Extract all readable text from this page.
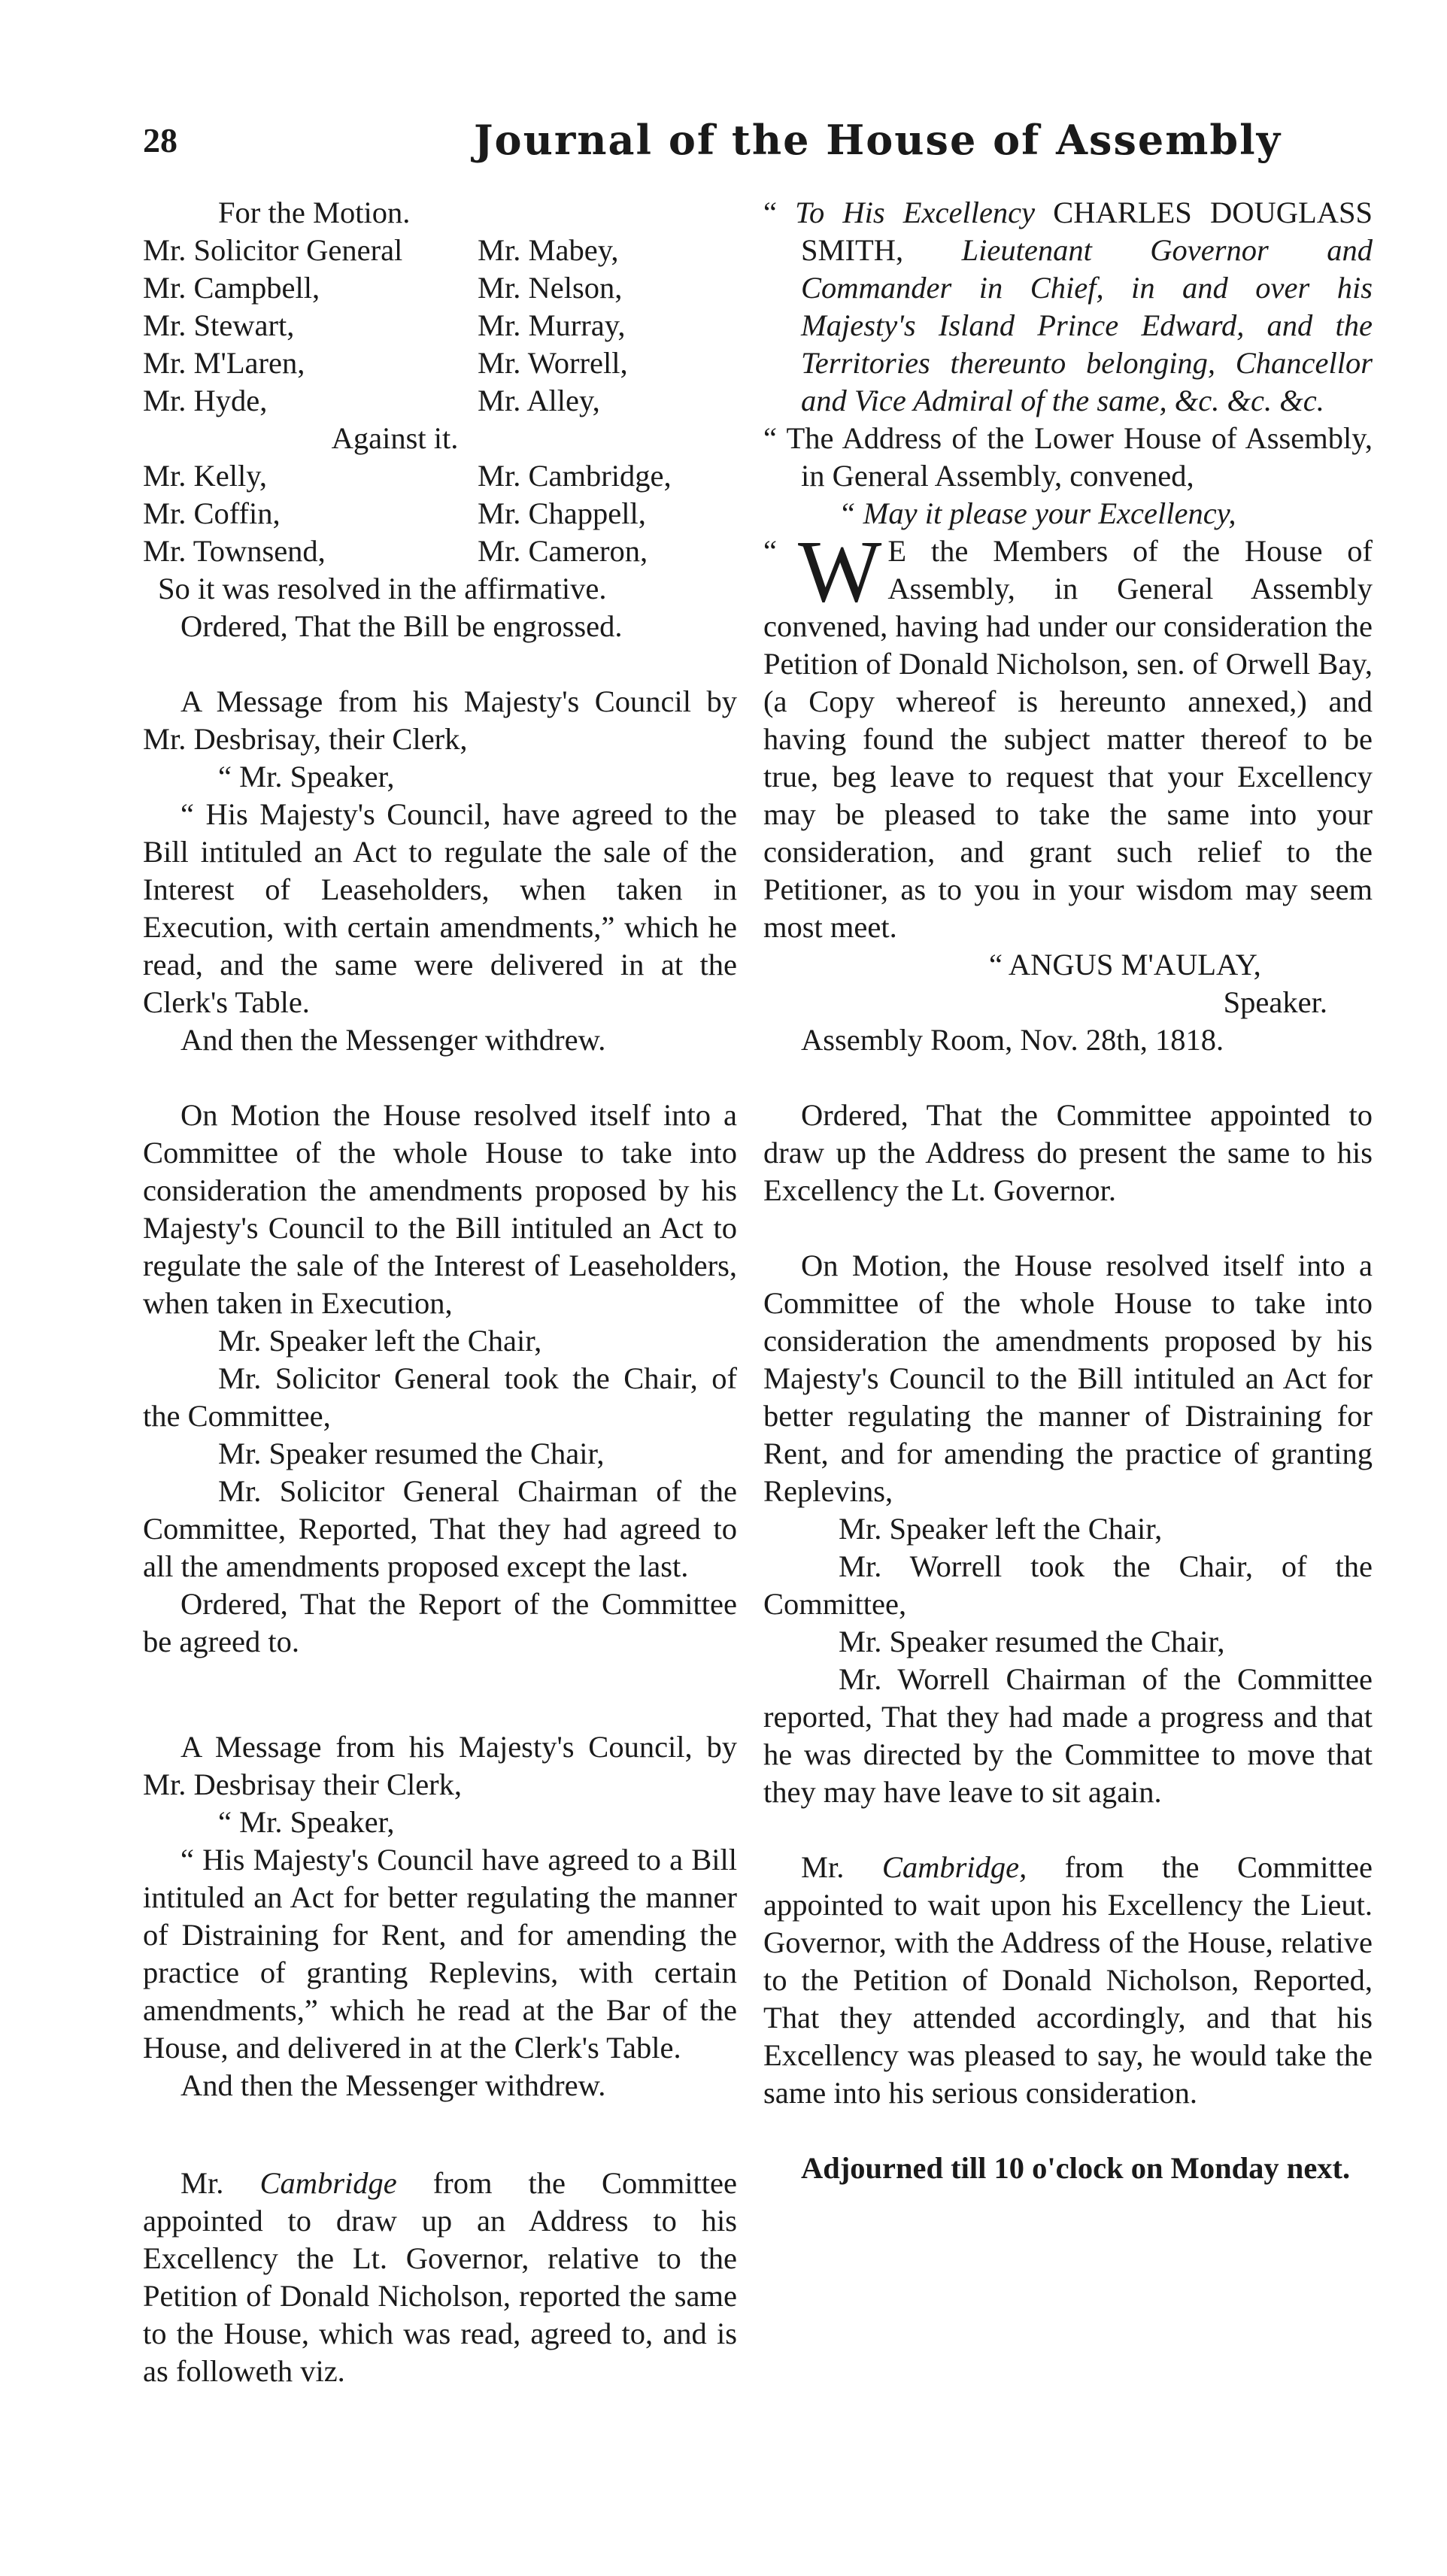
28	Journal of the House of Assembly

For the Motion.

Mr. Solicitor General	Mr. Mabey,
Mr. Campbell,	Mr. Nelson,
Mr. Stewart,	Mr. Murray,
Mr. M'Laren,	Mr. Worrell,
Mr. Hyde,	Mr. Alley,

Against it.

Mr. Kelly,	Mr. Cambridge,
Mr. Coffin,	Mr. Chappell,
Mr. Townsend,	Mr. Cameron,

So it was resolved in the affirmative.

Ordered, That the Bill be engrossed.

A Message from his Majesty's Council by Mr. Desbrisay, their Clerk,

“ Mr. Speaker,

“ His Majesty's Council, have agreed to the Bill intituled an Act to regulate the sale of the Interest of Leaseholders, when taken in Execution, with certain amendments,” which he read, and the same were delivered in at the Clerk's Table.

And then the Messenger withdrew.

On Motion the House resolved itself into a Committee of the whole House to take into consideration the amendments proposed by his Majesty's Council to the Bill intituled an Act to regulate the sale of the Interest of Leaseholders, when taken in Execution,

Mr. Speaker left the Chair,

Mr. Solicitor General took the Chair, of the Committee,

Mr. Speaker resumed the Chair,

Mr. Solicitor General Chairman of the Committee, Reported, That they had agreed to all the amendments proposed except the last.

Ordered, That the Report of the Committee be agreed to.

A Message from his Majesty's Council, by Mr. Desbrisay their Clerk,

“ Mr. Speaker,

“ His Majesty's Council have agreed to a Bill intituled an Act for better regulating the manner of Distraining for Rent, and for amending the practice of granting Replevins, with certain amendments,” which he read at the Bar of the House, and delivered in at the Clerk's Table.

And then the Messenger withdrew.

Mr. Cambridge from the Committee appointed to draw up an Address to his Excellency the Lt. Governor, relative to the Petition of Donald Nicholson, reported the same to the House, which was read, agreed to, and is as followeth viz.

“ To His Excellency CHARLES DOUGLASS SMITH, Lieutenant Governor and Commander in Chief, in and over his Majesty's Island Prince Edward, and the Territories thereunto belonging, Chancellor and Vice Admiral of the same, &c. &c. &c.

“ The Address of the Lower House of Assembly, in General Assembly, convened,

“ May it please your Excellency,

“ W E the Members of the House of Assembly, in General Assembly convened, having had under our consideration the Petition of Donald Nicholson, sen. of Orwell Bay, (a Copy whereof is hereunto annexed,) and having found the subject matter thereof to be true, beg leave to request that your Excellency may be pleased to take the same into your consideration, and grant such relief to the Petitioner, as to you in your wisdom may seem most meet.

“ ANGUS M'AULAY,

Speaker.

Assembly Room, Nov. 28th, 1818.

Ordered, That the Committee appointed to draw up the Address do present the same to his Excellency the Lt. Governor.

On Motion, the House resolved itself into a Committee of the whole House to take into consideration the amendments proposed by his Majesty's Council to the Bill intituled an Act for better regulating the manner of Distraining for Rent, and for amending the practice of granting Replevins,

Mr. Speaker left the Chair,

Mr. Worrell took the Chair, of the Committee,

Mr. Speaker resumed the Chair,

Mr. Worrell Chairman of the Committee reported, That they had made a progress and that he was directed by the Committee to move that they may have leave to sit again.

Mr. Cambridge, from the Committee appointed to wait upon his Excellency the Lieut. Governor, with the Address of the House, relative to the Petition of Donald Nicholson, Reported, That they attended accordingly, and that his Excellency was pleased to say, he would take the same into his serious consideration.

Adjourned till 10 o'clock on Monday next.
